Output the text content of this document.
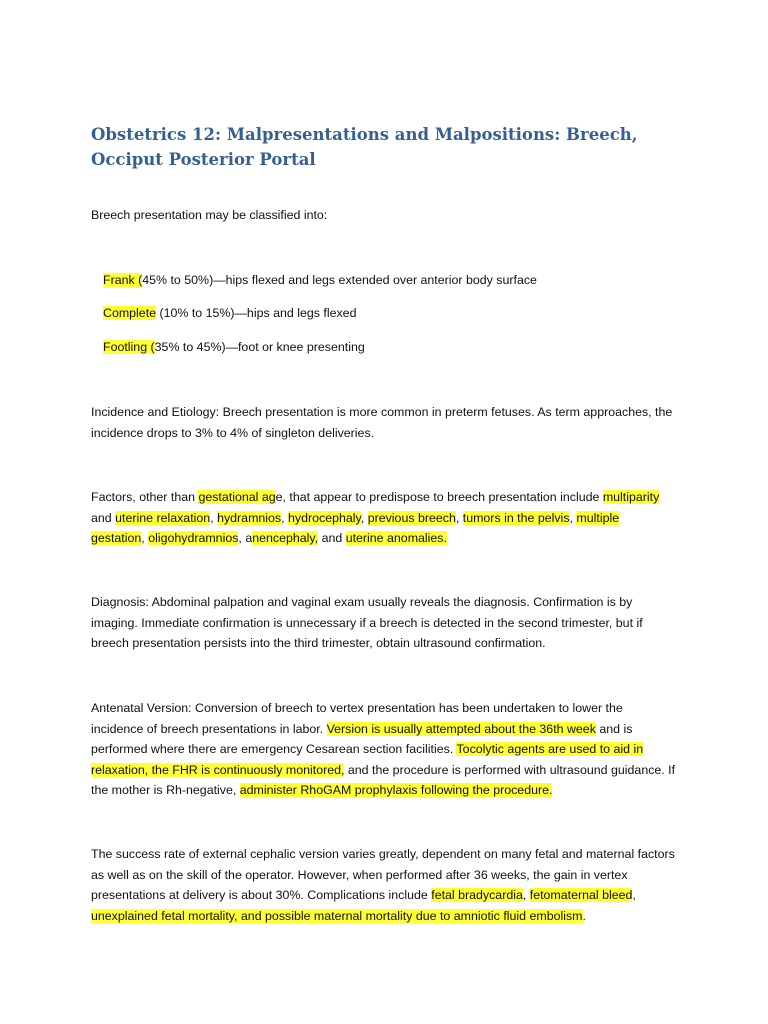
Obstetrics 12: Malpresentations and Malpositions: Breech, Occiput Posterior Portal

Breech presentation may be classified into:

Frank (45% to 50%)—hips flexed and legs extended over anterior body surface

Complete (10% to 15%)—hips and legs flexed

Footling (35% to 45%)—foot or knee presenting

Incidence and Etiology: Breech presentation is more common in preterm fetuses. As term approaches, the incidence drops to 3% to 4% of singleton deliveries.

Factors, other than gestational age, that appear to predispose to breech presentation include multiparity and uterine relaxation, hydramnios, hydrocephaly, previous breech, tumors in the pelvis, multiple gestation, oligohydramnios, anencephaly, and uterine anomalies.

Diagnosis: Abdominal palpation and vaginal exam usually reveals the diagnosis. Confirmation is by imaging. Immediate confirmation is unnecessary if a breech is detected in the second trimester, but if breech presentation persists into the third trimester, obtain ultrasound confirmation.

Antenatal Version: Conversion of breech to vertex presentation has been undertaken to lower the incidence of breech presentations in labor. Version is usually attempted about the 36th week and is performed where there are emergency Cesarean section facilities. Tocolytic agents are used to aid in relaxation, the FHR is continuously monitored, and the procedure is performed with ultrasound guidance. If the mother is Rh-negative, administer RhoGAM prophylaxis following the procedure.

The success rate of external cephalic version varies greatly, dependent on many fetal and maternal factors as well as on the skill of the operator. However, when performed after 36 weeks, the gain in vertex presentations at delivery is about 30%. Complications include fetal bradycardia, fetomaternal bleed, unexplained fetal mortality, and possible maternal mortality due to amniotic fluid embolism.
